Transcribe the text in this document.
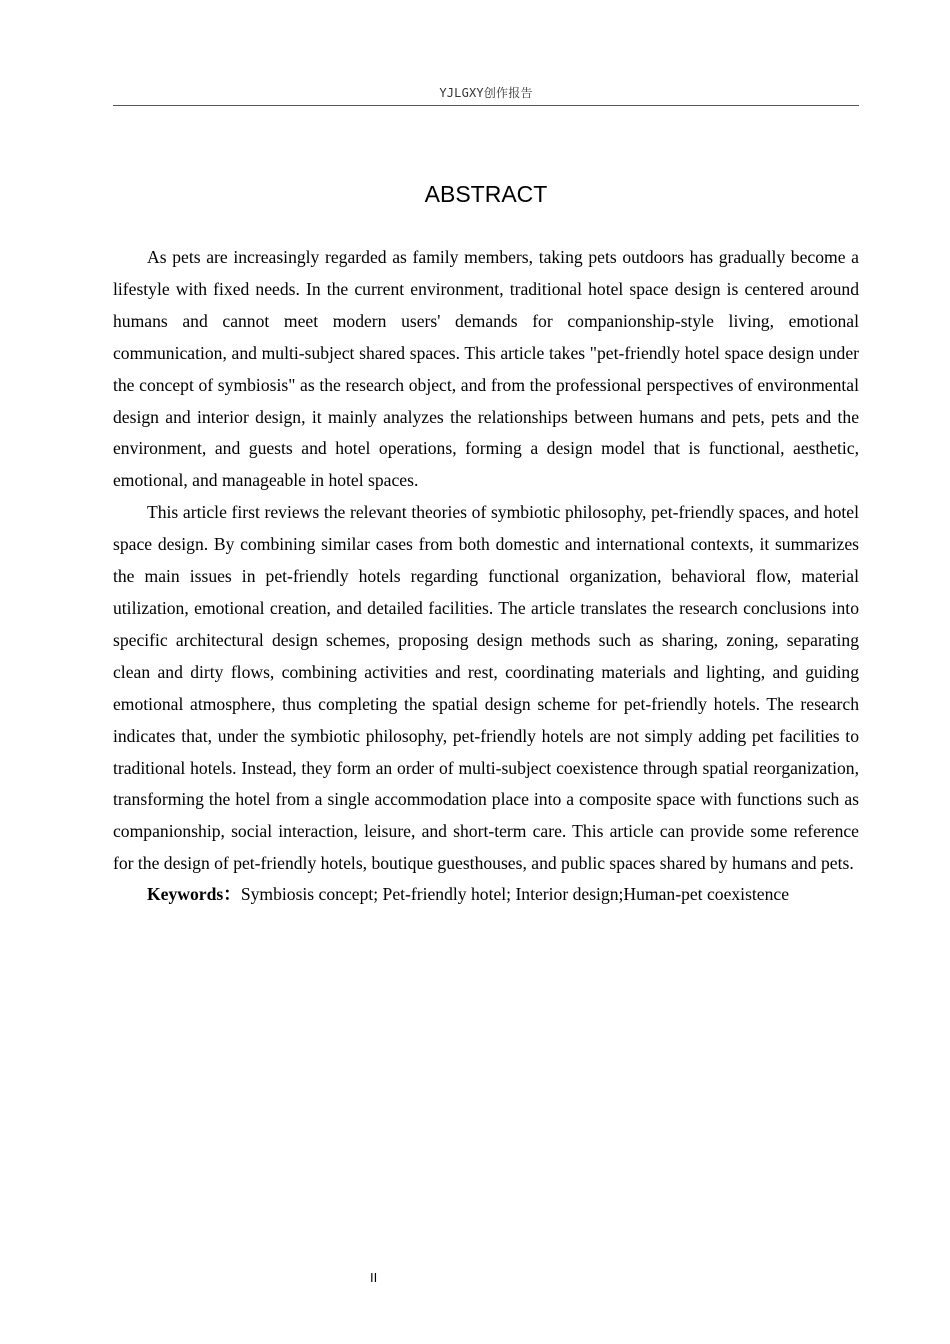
YJLGXY创作报告
ABSTRACT

As pets are increasingly regarded as family members, taking pets outdoors has gradually become a lifestyle with fixed needs. In the current environment, traditional hotel space design is centered around humans and cannot meet modern users' demands for companionship-style living, emotional communication, and multi-subject shared spaces. This article takes "pet-friendly hotel space design under the concept of symbiosis" as the research object, and from the professional perspectives of environmental design and interior design, it mainly analyzes the relationships between humans and pets, pets and the environment, and guests and hotel operations, forming a design model that is functional, aesthetic, emotional, and manageable in hotel spaces.

This article first reviews the relevant theories of symbiotic philosophy, pet-friendly spaces, and hotel space design. By combining similar cases from both domestic and international contexts, it summarizes the main issues in pet-friendly hotels regarding functional organization, behavioral flow, material utilization, emotional creation, and detailed facilities. The article translates the research conclusions into specific architectural design schemes, proposing design methods such as sharing, zoning, separating clean and dirty flows, combining activities and rest, coordinating materials and lighting, and guiding emotional atmosphere, thus completing the spatial design scheme for pet-friendly hotels. The research indicates that, under the symbiotic philosophy, pet-friendly hotels are not simply adding pet facilities to traditional hotels. Instead, they form an order of multi-subject coexistence through spatial reorganization, transforming the hotel from a single accommodation place into a composite space with functions such as companionship, social interaction, leisure, and short-term care. This article can provide some reference for the design of pet-friendly hotels, boutique guesthouses, and public spaces shared by humans and pets.

Keywords：Symbiosis concept; Pet-friendly hotel; Interior design;Human-pet coexistence

II
